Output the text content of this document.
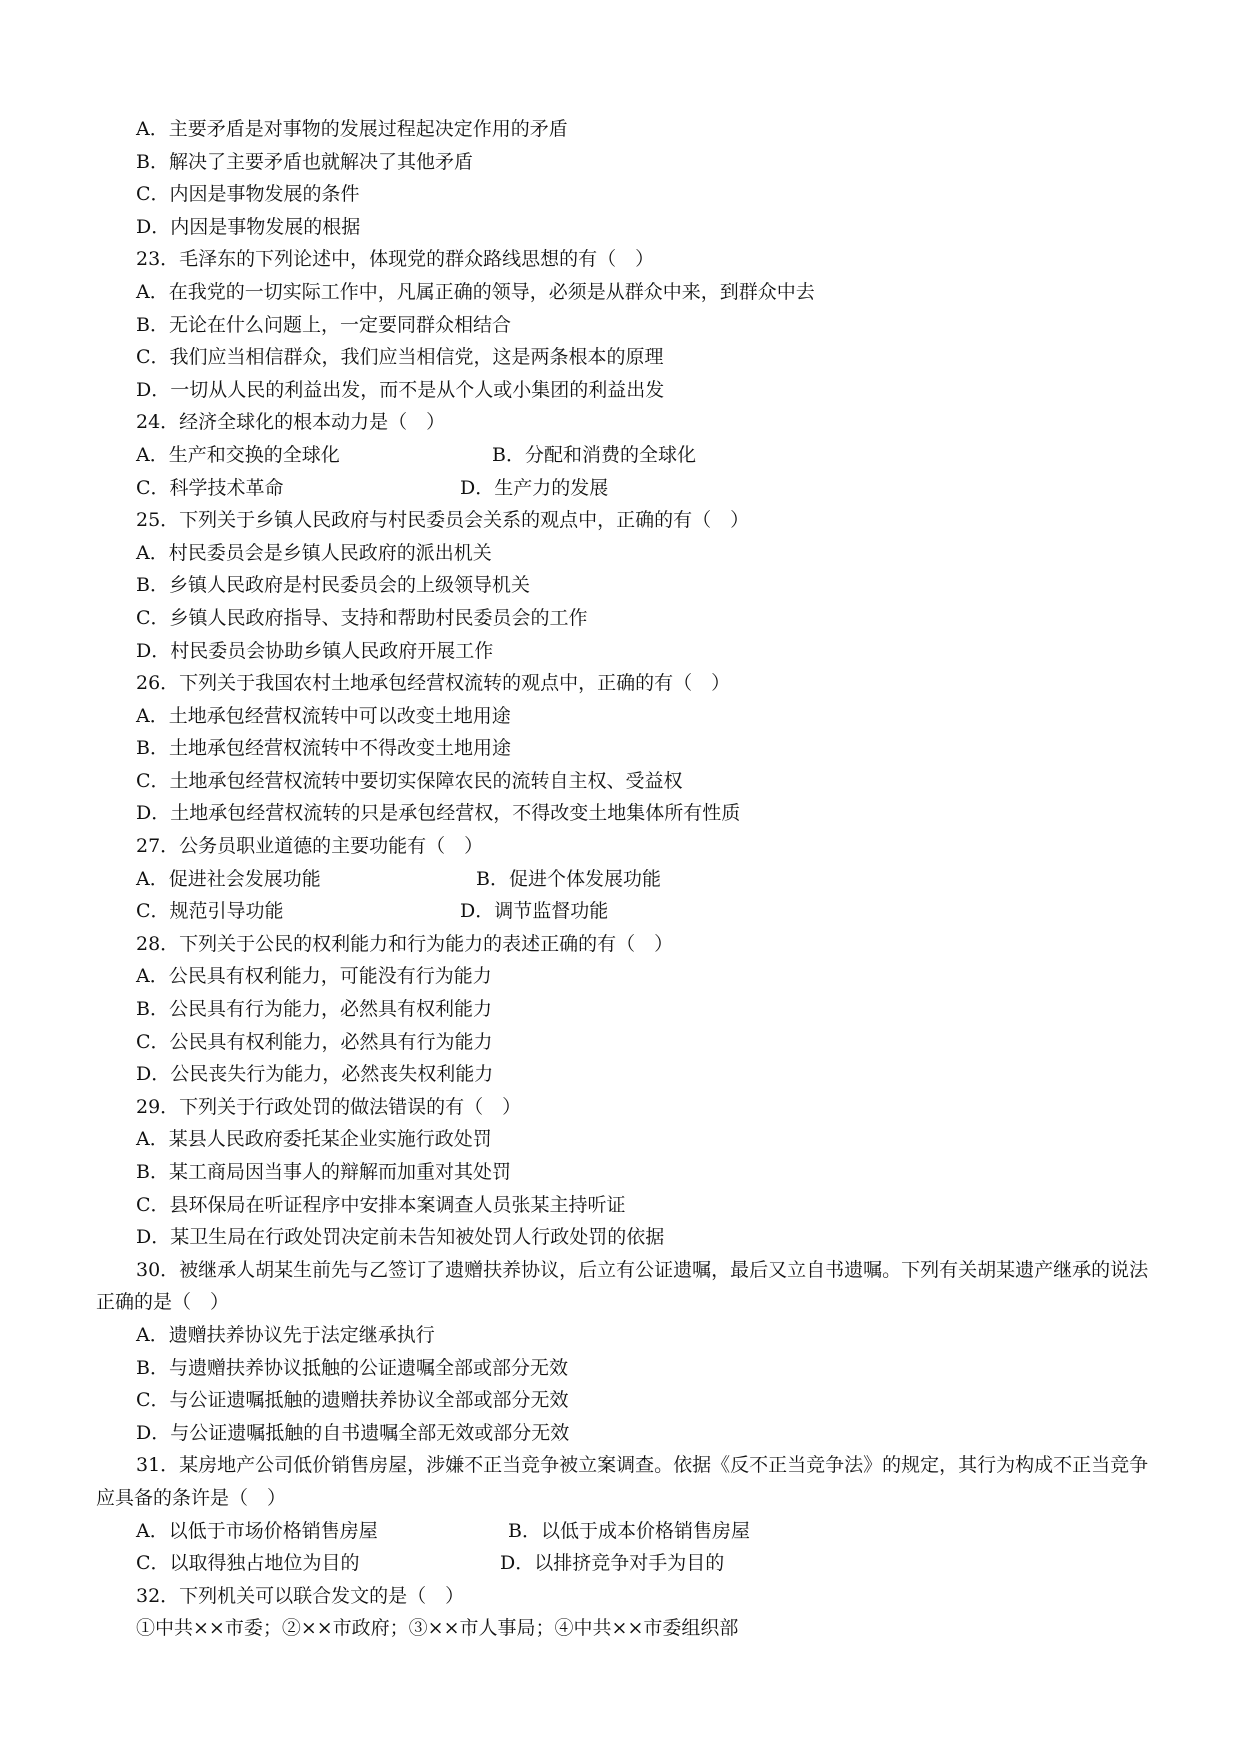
A．主要矛盾是对事物的发展过程起决定作用的矛盾
B．解决了主要矛盾也就解决了其他矛盾
C．内因是事物发展的条件
D．内因是事物发展的根据
23．毛泽东的下列论述中，体现党的群众路线思想的有（　）
A．在我党的一切实际工作中，凡属正确的领导，必须是从群众中来，到群众中去
B．无论在什么问题上，一定要同群众相结合
C．我们应当相信群众，我们应当相信党，这是两条根本的原理
D．一切从人民的利益出发，而不是从个人或小集团的利益出发
24．经济全球化的根本动力是（　）
A．生产和交换的全球化	B．分配和消费的全球化
C．科学技术革命	D．生产力的发展
25．下列关于乡镇人民政府与村民委员会关系的观点中，正确的有（　）
A．村民委员会是乡镇人民政府的派出机关
B．乡镇人民政府是村民委员会的上级领导机关
C．乡镇人民政府指导、支持和帮助村民委员会的工作
D．村民委员会协助乡镇人民政府开展工作
26．下列关于我国农村土地承包经营权流转的观点中，正确的有（　）
A．土地承包经营权流转中可以改变土地用途
B．土地承包经营权流转中不得改变土地用途
C．土地承包经营权流转中要切实保障农民的流转自主权、受益权
D．土地承包经营权流转的只是承包经营权，不得改变土地集体所有性质
27．公务员职业道德的主要功能有（　）
A．促进社会发展功能	B．促进个体发展功能
C．规范引导功能	D．调节监督功能
28．下列关于公民的权利能力和行为能力的表述正确的有（　）
A．公民具有权利能力，可能没有行为能力
B．公民具有行为能力，必然具有权利能力
C．公民具有权利能力，必然具有行为能力
D．公民丧失行为能力，必然丧失权利能力
29．下列关于行政处罚的做法错误的有（　）
A．某县人民政府委托某企业实施行政处罚
B．某工商局因当事人的辩解而加重对其处罚
C．县环保局在听证程序中安排本案调查人员张某主持听证
D．某卫生局在行政处罚决定前未告知被处罚人行政处罚的依据
30．被继承人胡某生前先与乙签订了遗赠扶养协议，后立有公证遗嘱，最后又立自书遗嘱。下列有关胡某遗产继承的说法正确的是（　）
A．遗赠扶养协议先于法定继承执行
B．与遗赠扶养协议抵触的公证遗嘱全部或部分无效
C．与公证遗嘱抵触的遗赠扶养协议全部或部分无效
D．与公证遗嘱抵触的自书遗嘱全部无效或部分无效
31．某房地产公司低价销售房屋，涉嫌不正当竞争被立案调查。依据《反不正当竞争法》的规定，其行为构成不正当竞争应具备的条许是（　）
A．以低于市场价格销售房屋	B．以低于成本价格销售房屋
C．以取得独占地位为目的	D．以排挤竞争对手为目的
32．下列机关可以联合发文的是（　）
①中共××市委；②××市政府；③××市人事局；④中共××市委组织部
